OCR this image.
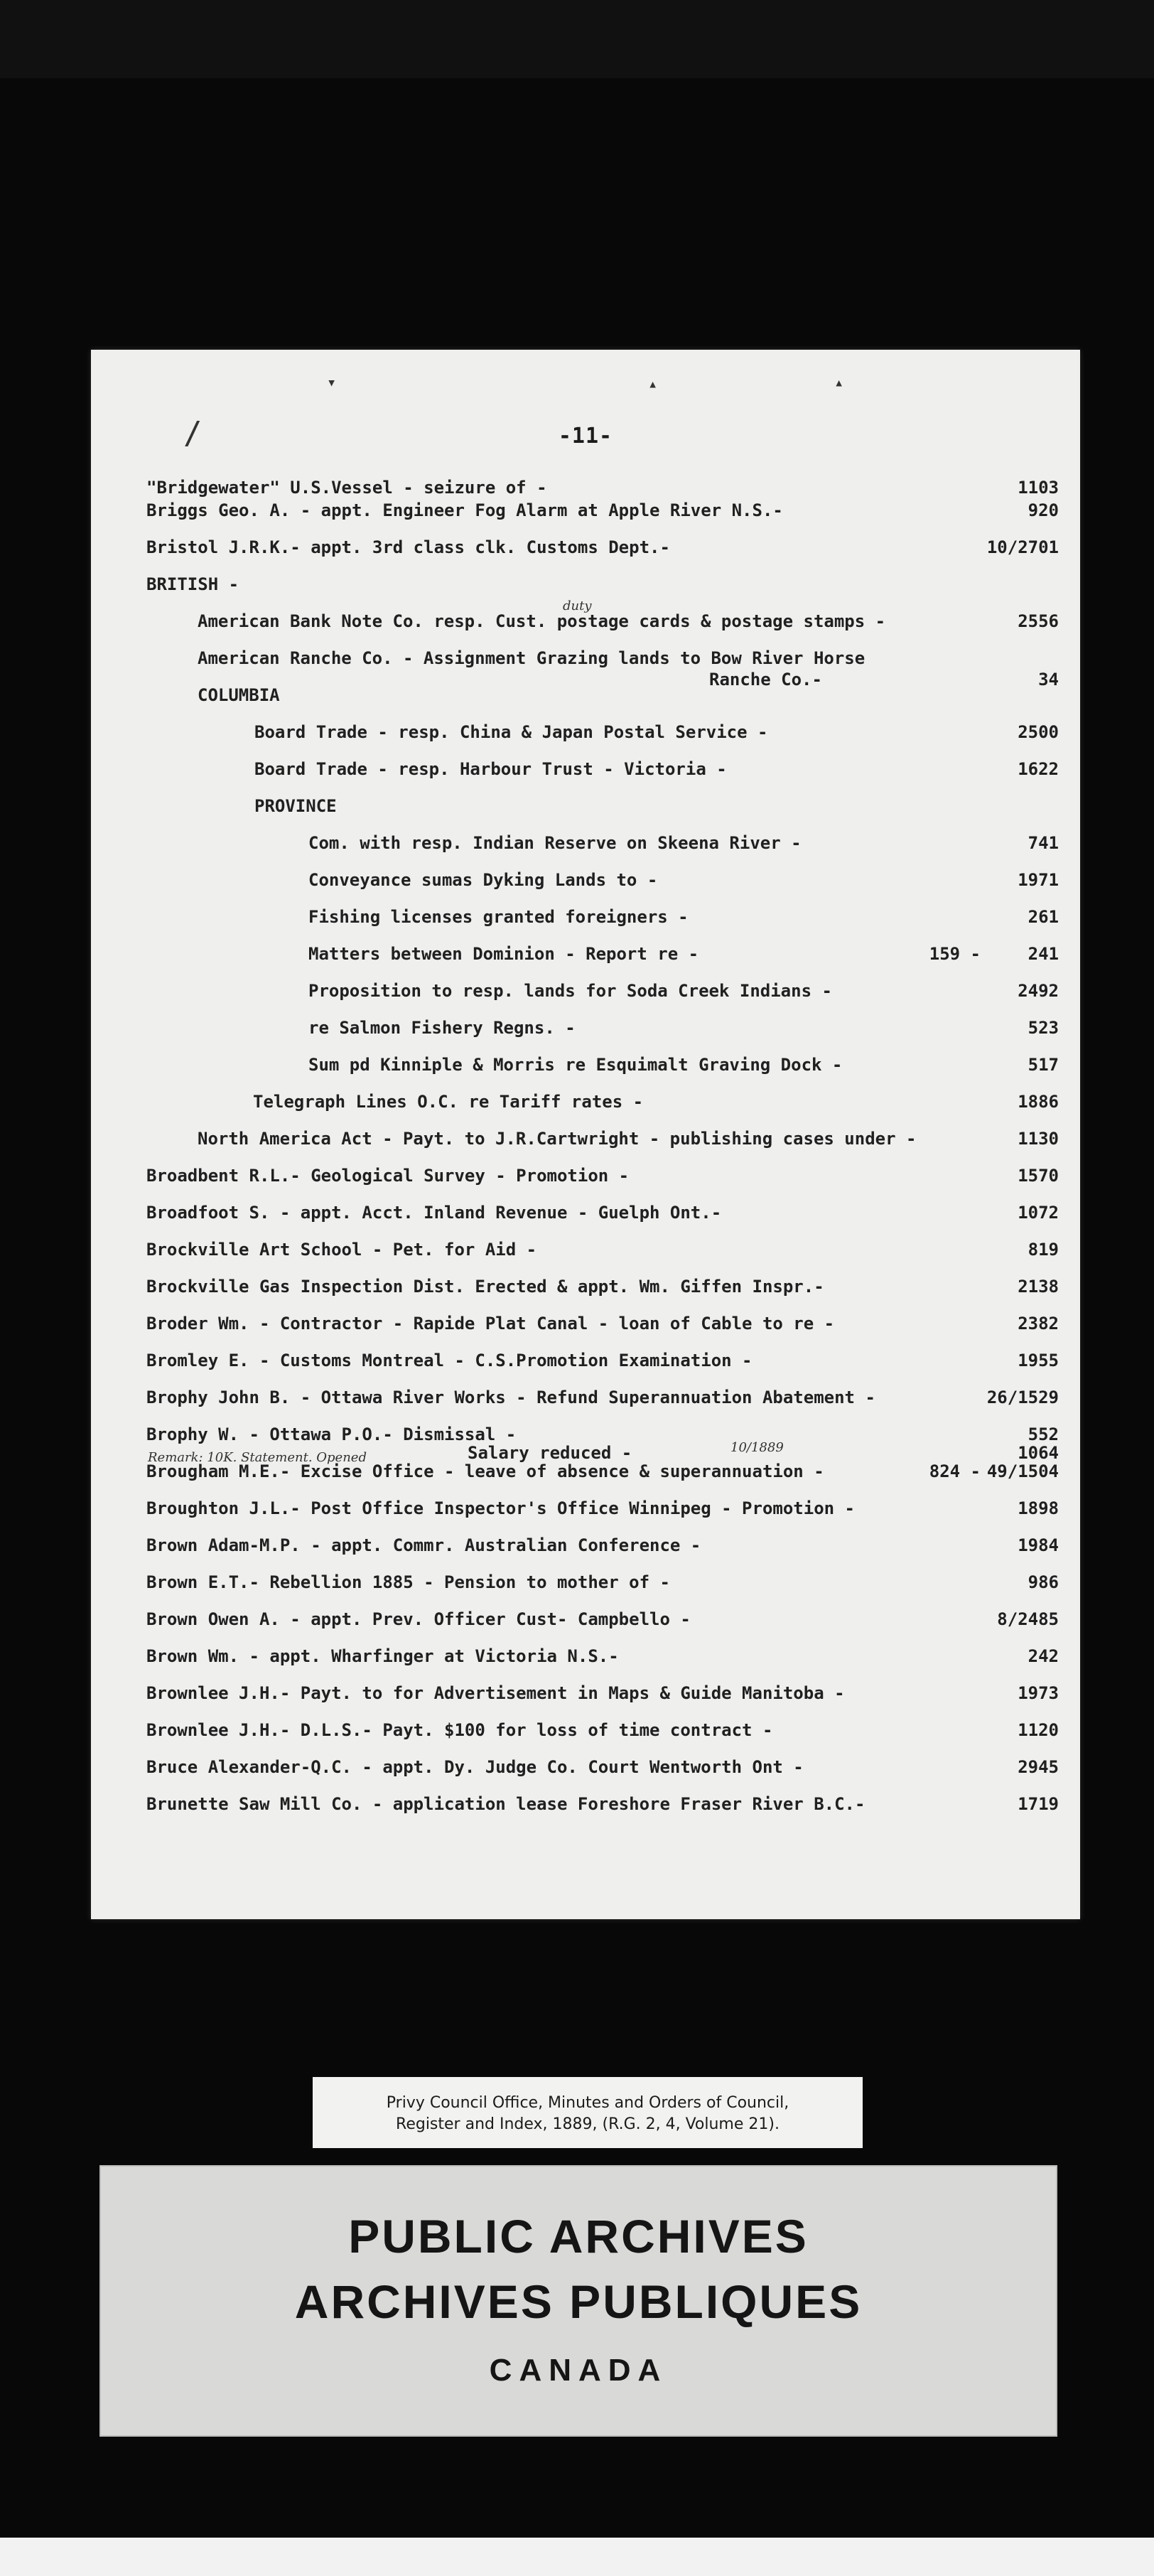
▾	▴	▴
/	-11-
"Bridgewater" U.S.Vessel - seizure of -	1103
Briggs Geo. A. - appt. Engineer Fog Alarm at Apple River N.S.-	920
Bristol J.R.K.- appt. 3rd class clk. Customs Dept.-	10/2701
BRITISH -
American Bank Note Co. resp. Cust. postage cards & postage stamps -	2556
American Ranche Co. - Assignment Grazing lands to Bow River Horse
Ranche Co.-	34
COLUMBIA
Board Trade - resp. China & Japan Postal Service -	2500
Board Trade - resp. Harbour Trust - Victoria -	1622
PROVINCE
Com. with resp. Indian Reserve on Skeena River -	741
Conveyance sumas Dyking Lands to -	1971
Fishing licenses granted foreigners -	261
Matters between Dominion - Report re -	159 -	241
Proposition to resp. lands for Soda Creek Indians -	2492
re Salmon Fishery Regns. -	523
Sum pd Kinniple & Morris re Esquimalt Graving Dock -	517
Telegraph Lines O.C. re Tariff rates -	1886
North America Act - Payt. to J.R.Cartwright - publishing cases under -	1130
Broadbent R.L.- Geological Survey - Promotion -	1570
Broadfoot S. - appt. Acct. Inland Revenue - Guelph Ont.-	1072
Brockville Art School - Pet. for Aid -	819
Brockville Gas Inspection Dist. Erected & appt. Wm. Giffen Inspr.-	2138
Broder Wm. - Contractor - Rapide Plat Canal - loan of Cable to re -	2382
Bromley E. - Customs Montreal - C.S.Promotion Examination -	1955
Brophy John B. - Ottawa River Works - Refund Superannuation Abatement -	26/1529
Brophy W. - Ottawa P.O.- Dismissal -	552
Salary reduced -	1064
Brougham M.E.- Excise Office - leave of absence & superannuation -	824 - 49/1504
Broughton J.L.- Post Office Inspector's Office Winnipeg - Promotion -	1898
Brown Adam-M.P. - appt. Commr. Australian Conference -	1984
Brown E.T.- Rebellion 1885 - Pension to mother of -	986
Brown Owen A. - appt. Prev. Officer Cust- Campbello -	8/2485
Brown Wm. - appt. Wharfinger at Victoria N.S.-	242
Brownlee J.H.- Payt. to for Advertisement in Maps & Guide Manitoba -	1973
Brownlee J.H.- D.L.S.- Payt. $100 for loss of time contract -	1120
Bruce Alexander-Q.C. - appt. Dy. Judge Co. Court Wentworth Ont -	2945
Brunette Saw Mill Co. - application lease Foreshore Fraser River B.C.-	1719
duty
10/1889
Remark: 10K. Statement. Opened
Privy Council Office, Minutes and Orders of Council,
Register and Index, 1889, (R.G. 2, 4, Volume 21).
PUBLIC ARCHIVES
ARCHIVES PUBLIQUES
CANADA
